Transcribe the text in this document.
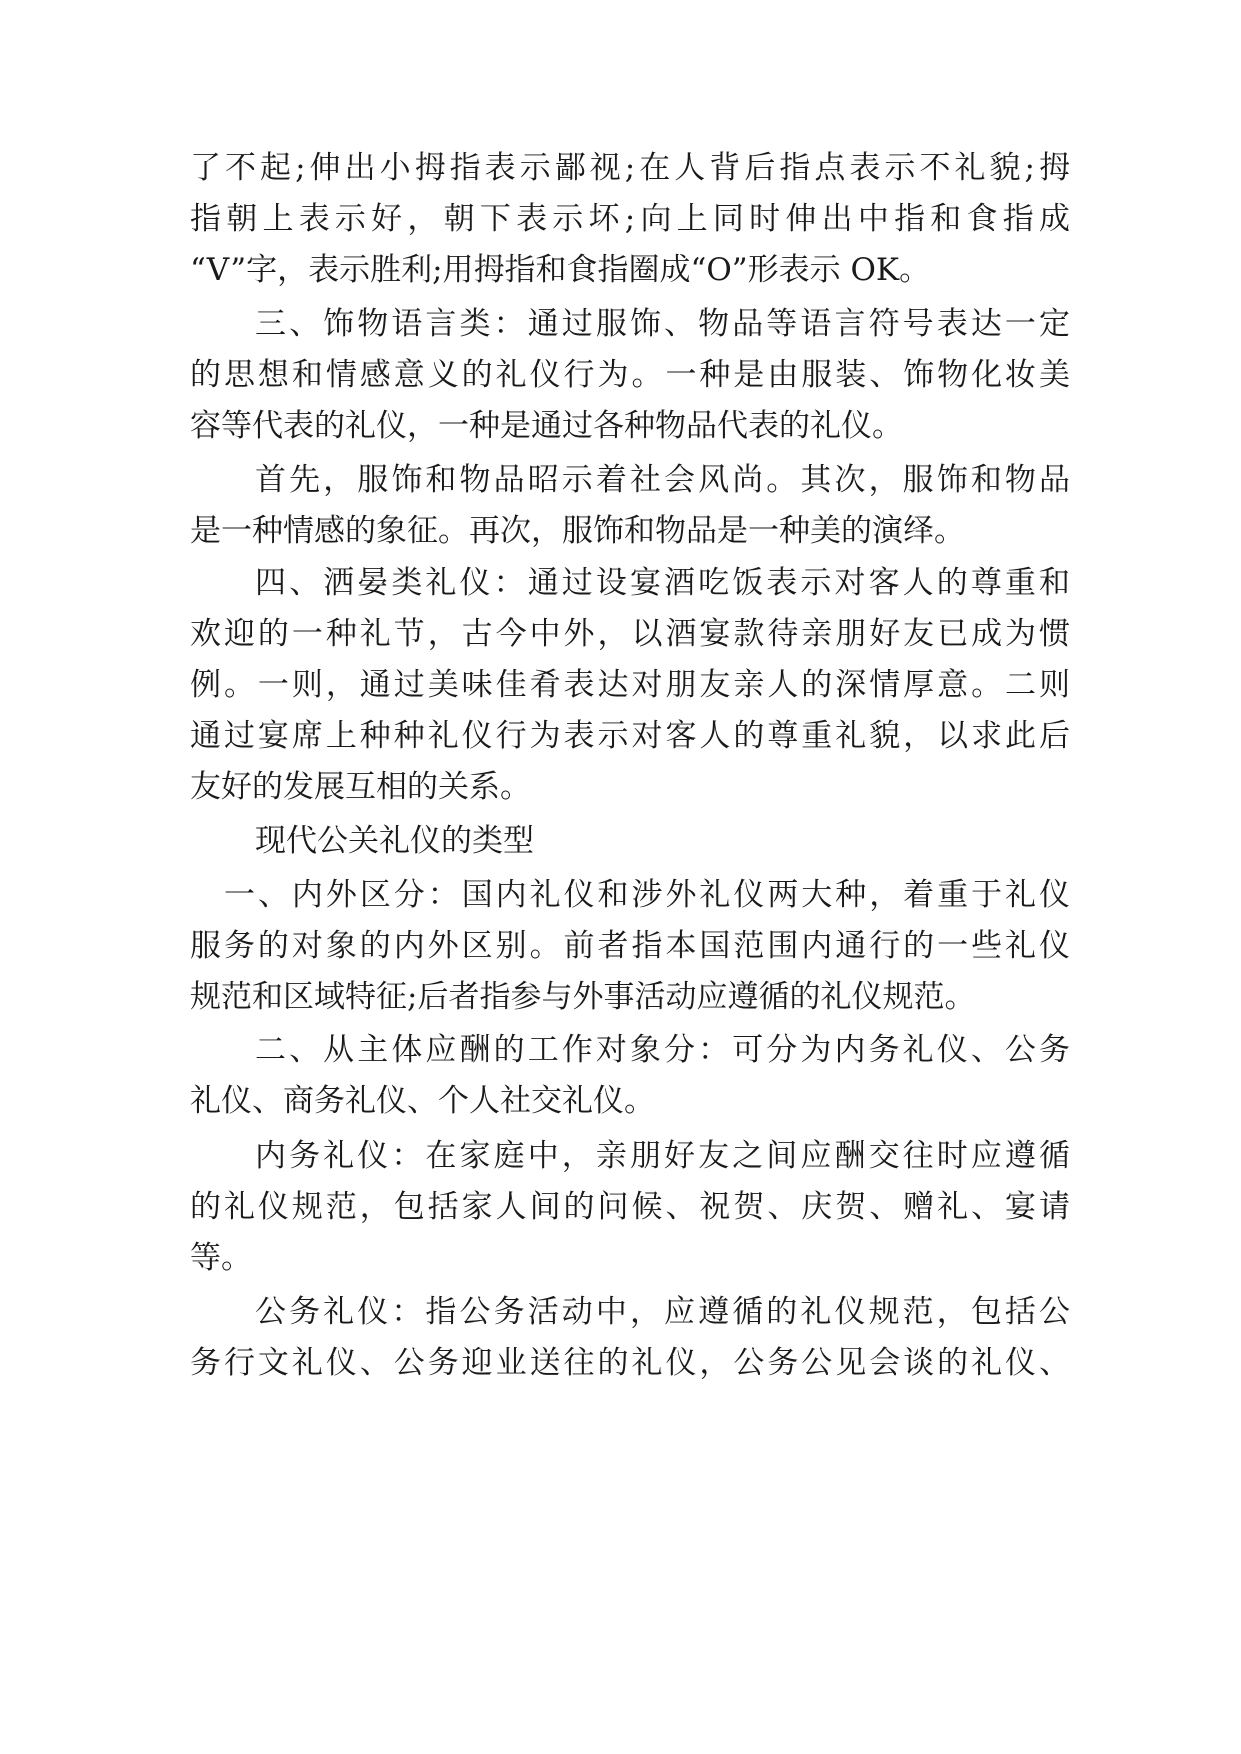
了不起;伸出小拇指表示鄙视;在人背后指点表示不礼貌;拇

指朝上表示好，朝下表示坏;向上同时伸出中指和食指成

“V”字，表示胜利;用拇指和食指圈成“O”形表示 OK。

三、饰物语言类：通过服饰、物品等语言符号表达一定

的思想和情感意义的礼仪行为。一种是由服装、饰物化妆美

容等代表的礼仪，一种是通过各种物品代表的礼仪。

首先，服饰和物品昭示着社会风尚。其次，服饰和物品

是一种情感的象征。再次，服饰和物品是一种美的演绎。

四、洒晏类礼仪：通过设宴酒吃饭表示对客人的尊重和

欢迎的一种礼节，古今中外，以酒宴款待亲朋好友已成为惯

例。一则，通过美味佳肴表达对朋友亲人的深情厚意。二则

通过宴席上种种礼仪行为表示对客人的尊重礼貌，以求此后

友好的发展互相的关系。

现代公关礼仪的类型

一、内外区分：国内礼仪和涉外礼仪两大种，着重于礼仪

服务的对象的内外区别。前者指本国范围内通行的一些礼仪

规范和区域特征;后者指参与外事活动应遵循的礼仪规范。

二、从主体应酬的工作对象分：可分为内务礼仪、公务

礼仪、商务礼仪、个人社交礼仪。

内务礼仪：在家庭中，亲朋好友之间应酬交往时应遵循

的礼仪规范，包括家人间的问候、祝贺、庆贺、赠礼、宴请

等。

公务礼仪：指公务活动中，应遵循的礼仪规范，包括公

务行文礼仪、公务迎业送往的礼仪，公务公见会谈的礼仪、
